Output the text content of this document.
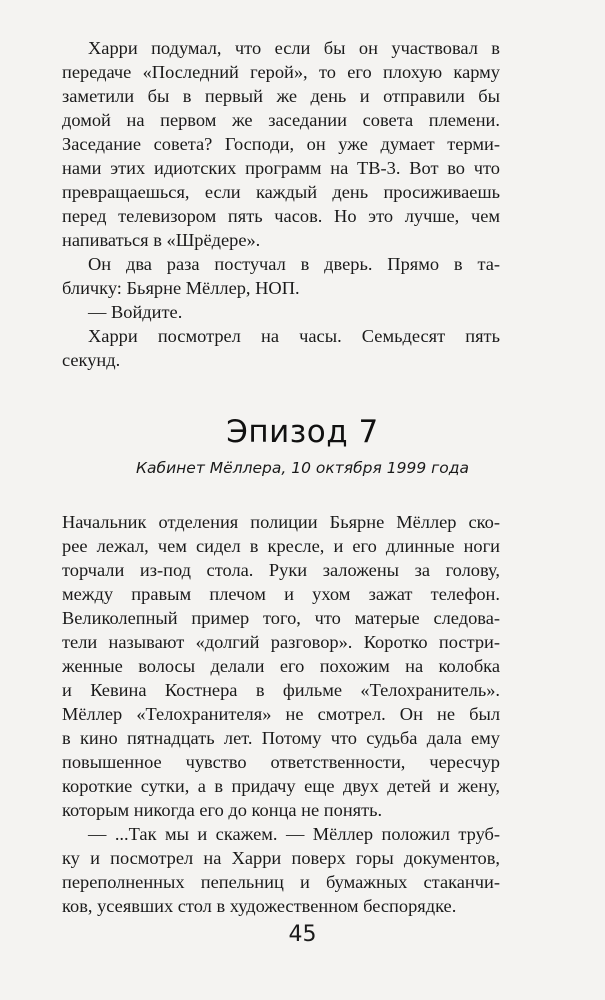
Харри подумал, что если бы он участвовал в
передаче «Последний герой», то его плохую карму
заметили бы в первый же день и отправили бы
домой на первом же заседании совета племени.
Заседание совета? Господи, он уже думает терми-
нами этих идиотских программ на ТВ-3. Вот во что
превращаешься, если каждый день просиживаешь
перед телевизором пять часов. Но это лучше, чем
напиваться в «Шрёдере».
Он два раза постучал в дверь. Прямо в та-
бличку: Бьярне Мёллер, НОП.
— Войдите.
Харри посмотрел на часы. Семьдесят пять
секунд.
Эпизод 7
Кабинет Мёллера, 10 октября 1999 года
Начальник отделения полиции Бьярне Мёллер ско-
рее лежал, чем сидел в кресле, и его длинные ноги
торчали из-под стола. Руки заложены за голову,
между правым плечом и ухом зажат телефон.
Великолепный пример того, что матерые следова-
тели называют «долгий разговор». Коротко постри-
женные волосы делали его похожим на колобка
и Кевина Костнера в фильме «Телохранитель».
Мёллер «Телохранителя» не смотрел. Он не был
в кино пятнадцать лет. Потому что судьба дала ему
повышенное чувство ответственности, чересчур
короткие сутки, а в придачу еще двух детей и жену,
которым никогда его до конца не понять.
— ...Так мы и скажем. — Мёллер положил труб-
ку и посмотрел на Харри поверх горы документов,
переполненных пепельниц и бумажных стаканчи-
ков, усеявших стол в художественном беспорядке.
45
